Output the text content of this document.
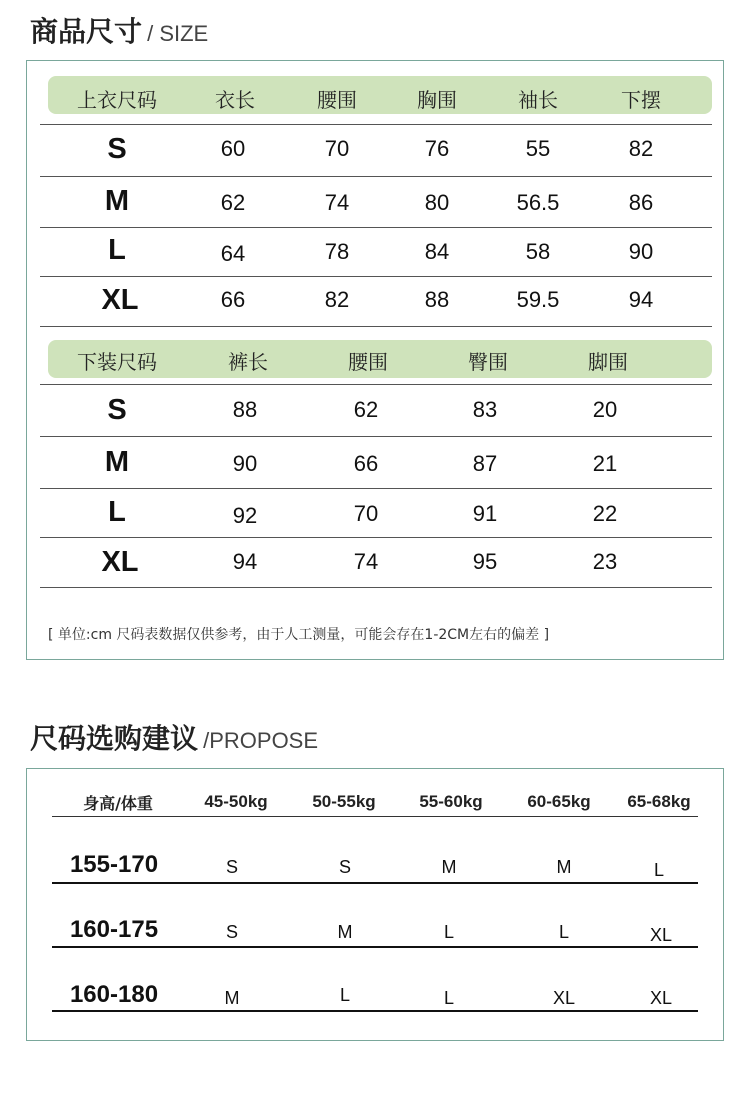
商品尺寸 / SIZE
上衣尺码	衣长	腰围	胸围	袖长	下摆
S	60	70	76	55	82
M	62	74	80	56.5	86
L	64	78	84	58	90
XL	66	82	88	59.5	94
下装尺码	裤长	腰围	臀围	脚围
S	88	62	83	20
M	90	66	87	21
L	92	70	91	22
XL	94	74	95	23
[ 单位:cm 尺码表数据仅供参考，由于人工测量，可能会存在1-2CM左右的偏差 ]
尺码选购建议 /PROPOSE
身高/体重	45-50kg	50-55kg	55-60kg	60-65kg 65-68kg
155-170	S	S	M	M	L
160-175	S	M	L	L	XL
160-180	M	L	L	XL	XL
